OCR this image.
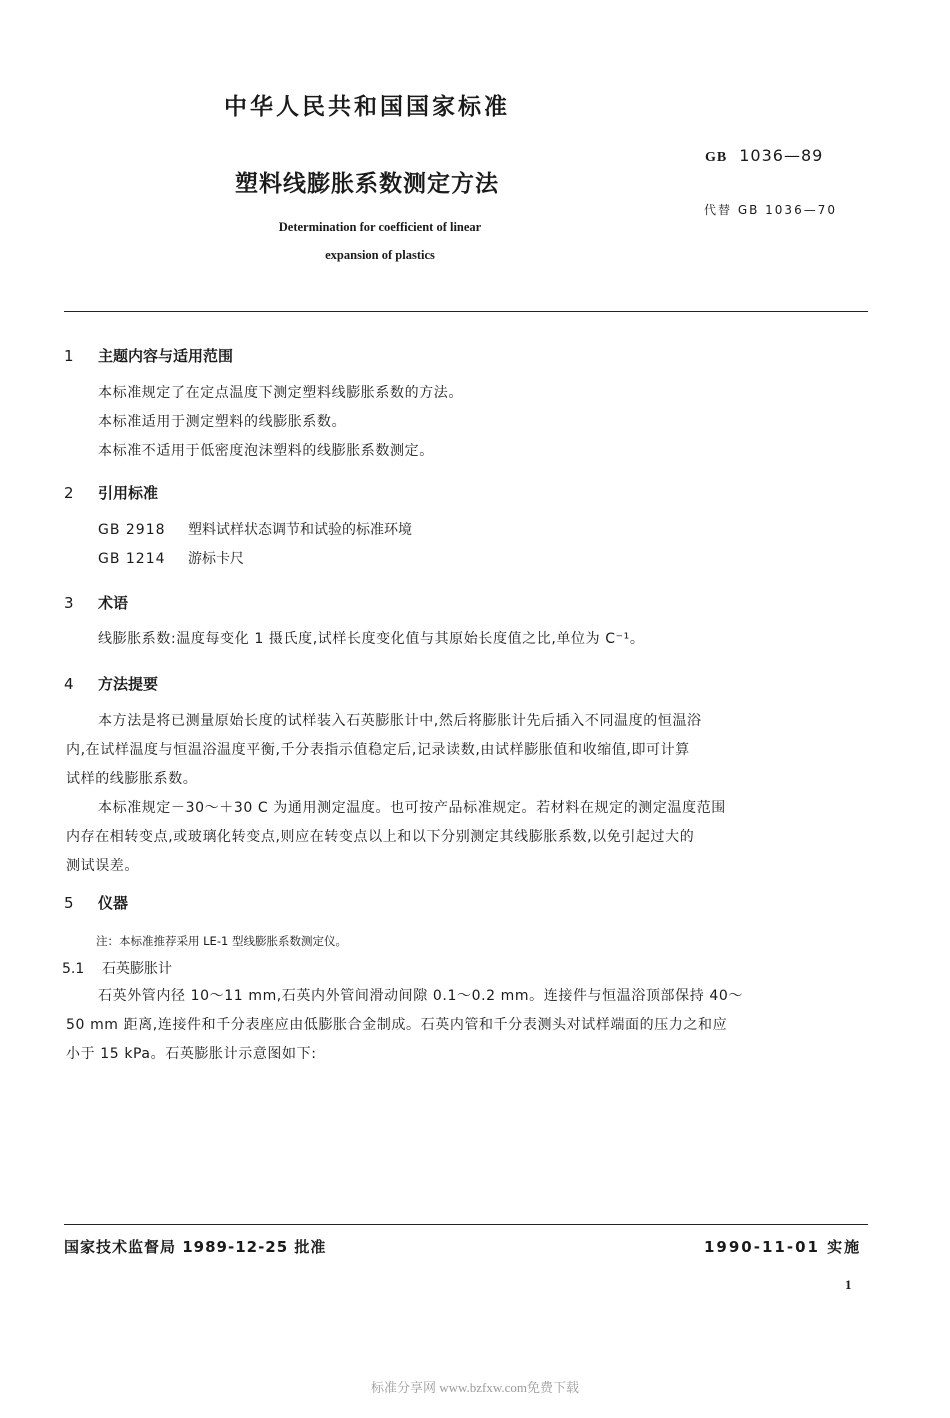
中华人民共和国国家标准
GB 1036—89
代替 GB 1036—70
塑料线膨胀系数测定方法
Determination for coefficient of linear
expansion of plastics
1 主题内容与适用范围
本标准规定了在定点温度下测定塑料线膨胀系数的方法。
本标准适用于测定塑料的线膨胀系数。
本标准不适用于低密度泡沫塑料的线膨胀系数测定。
2 引用标准
GB 2918 塑料试样状态调节和试验的标准环境
GB 1214 游标卡尺
3 术语
线膨胀系数:温度每变化 1 摄氏度,试样长度变化值与其原始长度值之比,单位为 C⁻¹。
4 方法提要
本方法是将已测量原始长度的试样装入石英膨胀计中,然后将膨胀计先后插入不同温度的恒温浴
内,在试样温度与恒温浴温度平衡,千分表指示值稳定后,记录读数,由试样膨胀值和收缩值,即可计算
试样的线膨胀系数。
本标准规定－30～＋30 C 为通用测定温度。也可按产品标准规定。若材料在规定的测定温度范围
内存在相转变点,或玻璃化转变点,则应在转变点以上和以下分别测定其线膨胀系数,以免引起过大的
测试误差。
5 仪器
注：本标准推荐采用 LE-1 型线膨胀系数测定仪。
5.1 石英膨胀计
石英外管内径 10～11 mm,石英内外管间滑动间隙 0.1～0.2 mm。连接件与恒温浴顶部保持 40～
50 mm 距离,连接件和千分表座应由低膨胀合金制成。石英内管和千分表测头对试样端面的压力之和应
小于 15 kPa。石英膨胀计示意图如下:
国家技术监督局 1989-12-25 批准	1990-11-01 实施
1
标准分享网 www.bzfxw.com免费下载
